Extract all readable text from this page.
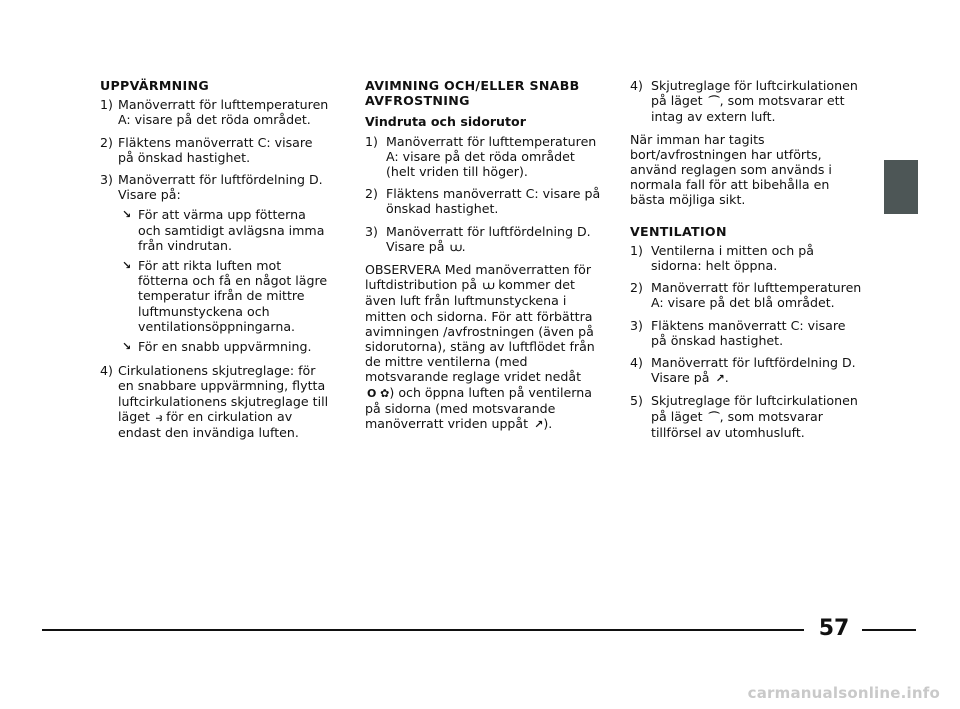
UPPVÄRMNING
1) Manöverratt för lufttemperaturen A: visare på det röda området.
2) Fläktens manöverratt C: visare på önskad hastighet.
3) Manöverratt för luftfördelning D. Visare på:
↘ För att värma upp fötterna och samtidigt avlägsna imma från vindrutan.
↘ För att rikta luften mot fötterna och få en något lägre temperatur ifrån de mittre luftmunstyckena och ventilationsöppningarna.
↘ För en snabb uppvärmning.
4) Cirkulationens skjutreglage: för en snabbare uppvärmning, flytta luftcirkulationens skjutreglage till läget ⥽ för en cirkulation av endast den invändiga luften.
AVIMNING OCH/ELLER SNABB AVFROSTNING
Vindruta och sidorutor
1) Manöverratt för lufttemperaturen A: visare på det röda området (helt vriden till höger).
2) Fläktens manöverratt C: visare på önskad hastighet.
3) Manöverratt för luftfördelning D. Visare på ⩊.
OBSERVERA Med manöverratten för luftdistribution på ⩊ kommer det även luft från luftmunstyckena i mitten och sidorna. För att förbättra avimningen /avfrostningen (även på sidorutorna), stäng av luftflödet från de mittre ventilerna (med motsvarande reglage vridet nedåt O ✿) och öppna luften på ventilerna på sidorna (med motsvarande manöverratt vriden uppåt ↗).
4) Skjutreglage för luftcirkulationen på läget ⌒, som motsvarar ett intag av extern luft.
När imman har tagits bort/avfrostningen har utförts, använd reglagen som används i normala fall för att bibehålla en bästa möjliga sikt.
VENTILATION
1) Ventilerna i mitten och på sidorna: helt öppna.
2) Manöverratt för lufttemperaturen A: visare på det blå området.
3) Fläktens manöverratt C: visare på önskad hastighet.
4) Manöverratt för luftfördelning D. Visare på ↗.
5) Skjutreglage för luftcirkulationen på läget ⌒, som motsvarar tillförsel av utomhusluft.
57
carmanualsonline.info
